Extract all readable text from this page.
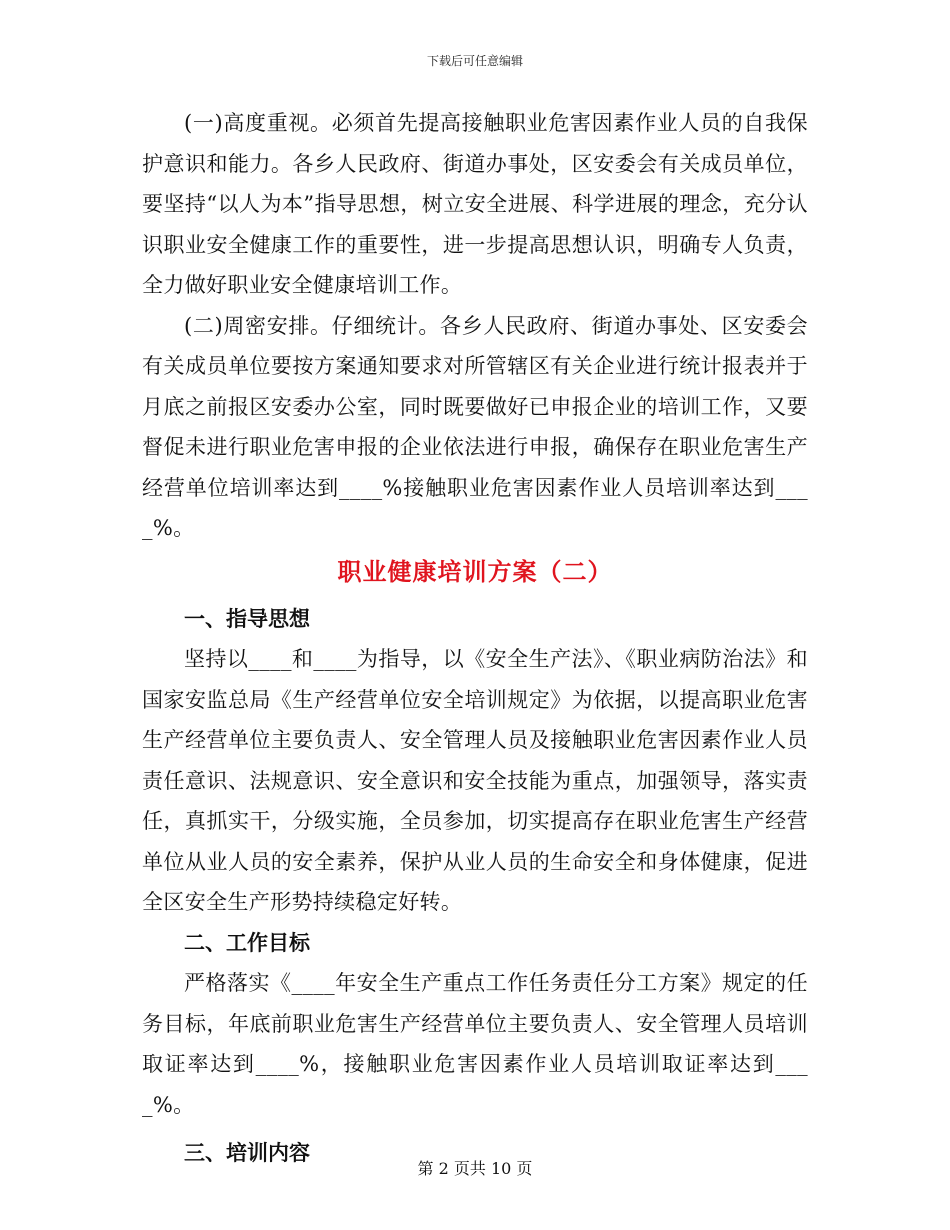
下载后可任意编辑

(一)高度重视。必须首先提高接触职业危害因素作业人员的自我保护意识和能力。各乡人民政府、街道办事处，区安委会有关成员单位，要坚持“以人为本”指导思想，树立安全进展、科学进展的理念，充分认识职业安全健康工作的重要性，进一步提高思想认识，明确专人负责，全力做好职业安全健康培训工作。

(二)周密安排。仔细统计。各乡人民政府、街道办事处、区安委会有关成员单位要按方案通知要求对所管辖区有关企业进行统计报表并于月底之前报区安委办公室，同时既要做好已申报企业的培训工作，又要督促未进行职业危害申报的企业依法进行申报，确保存在职业危害生产经营单位培训率达到____%接触职业危害因素作业人员培训率达到____%。

职业健康培训方案（二）

一、指导思想

坚持以____和____为指导，以《安全生产法》、《职业病防治法》和国家安监总局《生产经营单位安全培训规定》为依据，以提高职业危害生产经营单位主要负责人、安全管理人员及接触职业危害因素作业人员责任意识、法规意识、安全意识和安全技能为重点，加强领导，落实责任，真抓实干，分级实施，全员参加，切实提高存在职业危害生产经营单位从业人员的安全素养，保护从业人员的生命安全和身体健康，促进全区安全生产形势持续稳定好转。

二、工作目标

严格落实《____年安全生产重点工作任务责任分工方案》规定的任务目标，年底前职业危害生产经营单位主要负责人、安全管理人员培训取证率达到____%，接触职业危害因素作业人员培训取证率达到____%。

三、培训内容

第 2 页共 10 页
